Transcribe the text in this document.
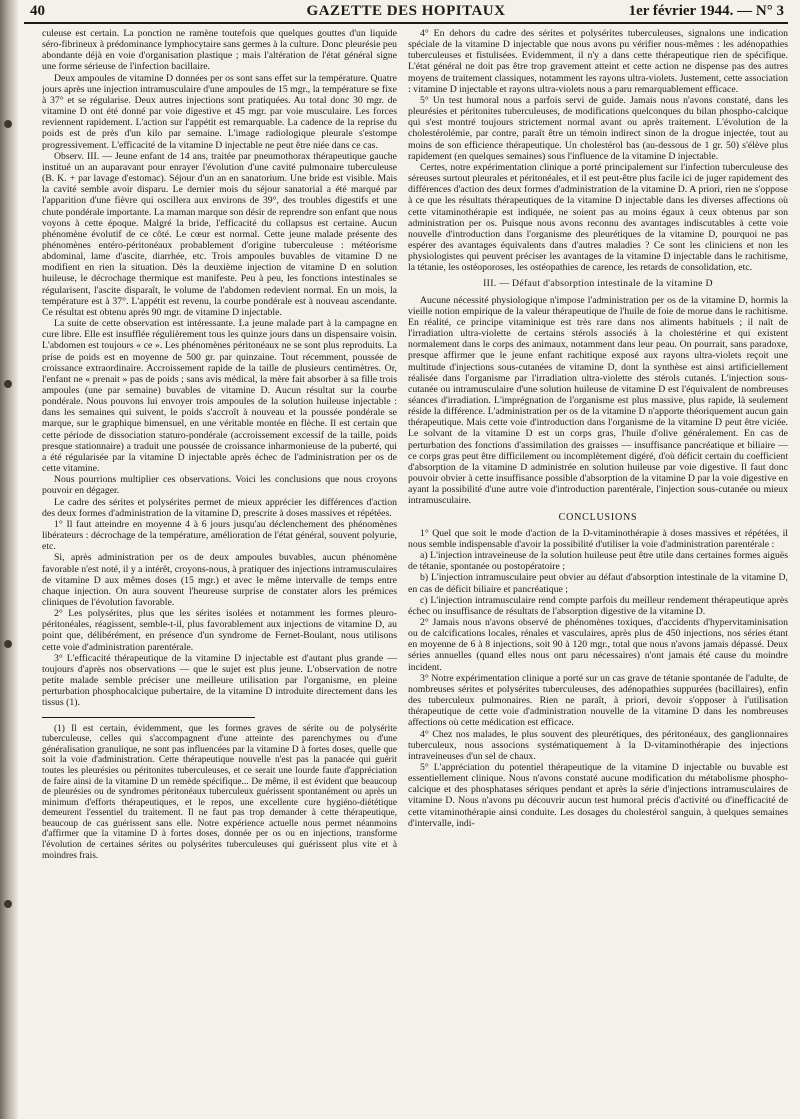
40	GAZETTE DES HOPITAUX	1er février 1944. — N° 3

culeuse est certain. La ponction ne ramène toutefois que quelques gouttes d'un liquide séro-fibrineux à prédominance lymphocytaire sans germes à la culture. Donc pleurésie peu abondante déjà en voie d'organisation plastique ; mais l'altération de l'état général signe une forme sérieuse de l'infection bacillaire.

Deux ampoules de vitamine D données per os sont sans effet sur la température. Quatre jours après une injection intramusculaire d'une ampoules de 15 mgr., la température se fixe à 37° et se régularise. Deux autres injections sont pratiquées. Au total donc 30 mgr. de vitamine D ont été donné par voie digestive et 45 mgr. par voie musculaire. Les forces reviennent rapidement. L'action sur l'appétit est remarquable. La cadence de la reprise du poids est de près d'un kilo par semaine. L'image radiologique pleurale s'estompe progressivement. L'efficacité de la vitamine D injectable ne peut être niée dans ce cas.

Observ. III. — Jeune enfant de 14 ans, traitée par pneumothorax thérapeutique gauche institué un an auparavant pour enrayer l'évolution d'une cavité pulmonaire tuberculeuse (B. K. + par lavage d'estomac). Séjour d'un an en sanatorium. Une bride est visible. Mais la cavité semble avoir disparu. Le dernier mois du séjour sanatorial a été marqué par l'apparition d'une fièvre qui oscillera aux environs de 39°, des troubles digestifs et une chute pondérale importante. La maman marque son désir de reprendre son enfant que nous voyons à cette époque. Malgré la bride, l'efficacité du collapsus est certaine. Aucun phénomène évolutif de ce côté. Le cœur est normal. Cette jeune malade présente des phénomènes entéro-péritonéaux probablement d'origine tuberculeuse : météorisme abdominal, lame d'ascite, diarrhée, etc. Trois ampoules buvables de vitamine D ne modifient en rien la situation. Dès la deuxième injection de vitamine D en solution huileuse, le décrochage thermique est manifeste. Peu à peu, les fonctions intestinales se régularisent, l'ascite disparaît, le volume de l'abdomen redevient normal. En un mois, la température est à 37°. L'appétit est revenu, la courbe pondérale est à nouveau ascendante. Ce résultat est obtenu après 90 mgr. de vitamine D injectable.

La suite de cette observation est intéressante. La jeune malade part à la campagne en cure libre. Elle est insufflée régulièrement tous les quinze jours dans un dispensaire voisin. L'abdomen est toujours « ce ». Les phénomènes péritonéaux ne se sont plus reproduits. La prise de poids est en moyenne de 500 gr. par quinzaine. Tout récemment, poussée de croissance extraordinaire. Accroissement rapide de la taille de plusieurs centimètres. Or, l'enfant ne « prenait » pas de poids ; sans avis médical, la mère fait absorber à sa fille trois ampoules (une par semaine) buvables de vitamine D. Aucun résultat sur la courbe pondérale. Nous pouvons lui envoyer trois ampoules de la solution huileuse injectable : dans les semaines qui suivent, le poids s'accroît à nouveau et la poussée pondérale se marque, sur le graphique bimensuel, en une véritable montée en flèche. Il est certain que cette période de dissociation staturo-pondérale (accroissement excessif de la taille, poids presque stationnaire) a traduit une poussée de croissance inharmonieuse de la puberté, qui a été régularisée par la vitamine D injectable après échec de l'administration per os de cette vitamine.

Nous pourrions multiplier ces observations. Voici les conclusions que nous croyons pouvoir en dégager.

Le cadre des sérites et polysérites permet de mieux apprécier les différences d'action des deux formes d'administration de la vitamine D, prescrite à doses massives et répétées.

1° Il faut atteindre en moyenne 4 à 6 jours jusqu'au déclenchement des phénomènes libérateurs : décrochage de la température, amélioration de l'état général, souvent polyurie, etc.

Si, après administration per os de deux ampoules buvables, aucun phénomène favorable n'est noté, il y a intérêt, croyons-nous, à pratiquer des injections intramusculaires de vitamine D aux mêmes doses (15 mgr.) et avec le même intervalle de temps entre chaque injection. On aura souvent l'heureuse surprise de constater alors les prémices cliniques de l'évolution favorable.

2° Les polysérites, plus que les sérites isolées et notamment les formes pleuro-péritonéales, réagissent, semble-t-il, plus favorablement aux injections de vitamine D, au point que, délibérément, en présence d'un syndrome de Fernet-Boulant, nous utilisons cette voie d'administration parentérale.

3° L'efficacité thérapeutique de la vitamine D injectable est d'autant plus grande — toujours d'après nos observations — que le sujet est plus jeune. L'observation de notre petite malade semble préciser une meilleure utilisation par l'organisme, en pleine perturbation phosphocalcique pubertaire, de la vitamine D introduite directement dans les tissus (1).

(1) Il est certain, évidemment, que les formes graves de sérite ou de polysérite tuberculeuse, celles qui s'accompagnent d'une atteinte des parenchymes ou d'une généralisation granulique, ne sont pas influencées par la vitamine D à fortes doses, quelle que soit la voie d'administration. Cette thérapeutique nouvelle n'est pas la panacée qui guérit toutes les pleurésies ou péritonites tuberculeuses, et ce serait une lourde faute d'appréciation de faire ainsi de la vitamine D un remède spécifique... De même, il est évident que beaucoup de pleurésies ou de syndromes péritonéaux tuberculeux guérissent spontanément ou après un minimum d'efforts thérapeutiques, et le repos, une excellente cure hygiéno-diététique demeurent l'essentiel du traitement. Il ne faut pas trop demander à cette thérapeutique, beaucoup de cas guérissent sans elle. Notre expérience actuelle nous permet néanmoins d'affirmer que la vitamine D à fortes doses, donnée per os ou en injections, transforme l'évolution de certaines sérites ou polysérites tuberculeuses qui guérissent plus vite et à moindres frais.

4° En dehors du cadre des sérites et polysérites tuberculeuses, signalons une indication spéciale de la vitamine D injectable que nous avons pu vérifier nous-mêmes : les adénopathies tuberculeuses et fistulisées. Evidemment, il n'y a dans cette thérapeutique rien de spécifique. L'état général ne doit pas être trop gravement atteint et cette action ne dispense pas des autres moyens de traitement classiques, notamment les rayons ultra-violets. Justement, cette association : vitamine D injectable et rayons ultra-violets nous a paru remarquablement efficace.

5° Un test humoral nous a parfois servi de guide. Jamais nous n'avons constaté, dans les pleurésies et péritonites tuberculeuses, de modifications quelconques du bilan phospho-calcique qui s'est montré toujours strictement normal avant ou après traitement. L'évolution de la cholestérolémie, par contre, paraît être un témoin indirect sinon de la drogue injectée, tout au moins de son efficience thérapeutique. Un cholestérol bas (au-dessous de 1 gr. 50) s'élève plus rapidement (en quelques semaines) sous l'influence de la vitamine D injectable.

Certes, notre expérimentation clinique a porté principalement sur l'infection tuberculeuse des séreuses surtout pleurales et péritonéales, et il est peut-être plus facile ici de juger rapidement des différences d'action des deux formes d'administration de la vitamine D. A priori, rien ne s'oppose à ce que les résultats thérapeutiques de la vitamine D injectable dans les diverses affections où cette vitaminothérapie est indiquée, ne soient pas au moins égaux à ceux obtenus par son administration per os. Puisque nous avons reconnu des avantages indiscutables à cette voie nouvelle d'introduction dans l'organisme des pleurétiques de la vitamine D, pourquoi ne pas espérer des avantages équivalents dans d'autres maladies ? Ce sont les cliniciens et non les physiologistes qui peuvent préciser les avantages de la vitamine D injectable dans le rachitisme, la tétanie, les ostéoporoses, les ostéopathies de carence, les retards de consolidation, etc.

III. — Défaut d'absorption intestinale de la vitamine D

Aucune nécessité physiologique n'impose l'administration per os de la vitamine D, hormis la vieille notion empirique de la valeur thérapeutique de l'huile de foie de morue dans le rachitisme. En réalité, ce principe vitaminique est très rare dans nos aliments habituels ; il naît de l'irradiation ultra-violette de certains stérols associés à la cholestérine et qui existent normalement dans le corps des animaux, notamment dans leur peau. On pourrait, sans paradoxe, presque affirmer que le jeune enfant rachitique exposé aux rayons ultra-violets reçoit une multitude d'injections sous-cutanées de vitamine D, dont la synthèse est ainsi artificiellement réalisée dans l'organisme par l'irradiation ultra-violette des stérols cutanés. L'injection sous-cutanée ou intramusculaire d'une solution huileuse de vitamine D est l'équivalent de nombreuses séances d'irradiation. L'imprégnation de l'organisme est plus massive, plus rapide, là seulement réside la différence. L'administration per os de la vitamine D n'apporte théoriquement aucun gain thérapeutique. Mais cette voie d'introduction dans l'organisme de la vitamine D peut être viciée. Le solvant de la vitamine D est un corps gras, l'huile d'olive généralement. En cas de perturbation des fonctions d'assimilation des graisses — insuffisance pancréatique et biliaire — ce corps gras peut être difficilement ou incomplètement digéré, d'où déficit certain du coefficient d'absorption de la vitamine D administrée en solution huileuse par voie digestive. Il faut donc pouvoir obvier à cette insuffisance possible d'absorption de la vitamine D par la voie digestive en ayant la possibilité d'une autre voie d'introduction parentérale, l'injection sous-cutanée ou mieux intramusculaire.

CONCLUSIONS

1° Quel que soit le mode d'action de la D-vitaminothérapie à doses massives et répétées, il nous semble indispensable d'avoir la possibilité d'utiliser la voie d'administration parentérale :

a) L'injection intraveineuse de la solution huileuse peut être utile dans certaines formes aiguës de tétanie, spontanée ou postopératoire ;

b) L'injection intramusculaire peut obvier au défaut d'absorption intestinale de la vitamine D, en cas de déficit biliaire et pancréatique ;

c) L'injection intramusculaire rend compte parfois du meilleur rendement thérapeutique après échec ou insuffisance de résultats de l'absorption digestive de la vitamine D.

2° Jamais nous n'avons observé de phénomènes toxiques, d'accidents d'hypervitaminisation ou de calcifications locales, rénales et vasculaires, après plus de 450 injections, nos séries étant en moyenne de 6 à 8 injections, soit 90 à 120 mgr., total que nous n'avons jamais dépassé. Deux séries annuelles (quand elles nous ont paru nécessaires) n'ont jamais été cause du moindre incident.

3° Notre expérimentation clinique a porté sur un cas grave de tétanie spontanée de l'adulte, de nombreuses sérites et polysérites tuberculeuses, des adénopathies suppurées (bacillaires), enfin des tuberculeux pulmonaires. Rien ne paraît, à priori, devoir s'opposer à l'utilisation thérapeutique de cette voie d'administration nouvelle de la vitamine D dans les nombreuses affections où cette médication est efficace.

4° Chez nos malades, le plus souvent des pleurétiques, des péritonéaux, des ganglionnaires tuberculeux, nous associons systématiquement à la D-vitaminothérapie des injections intraveineuses d'un sel de chaux.

5° L'appréciation du potentiel thérapeutique de la vitamine D injectable ou buvable est essentiellement clinique. Nous n'avons constaté aucune modification du métabolisme phospho-calcique et des phosphatases sériques pendant et après la série d'injections intramusculaires de vitamine D. Nous n'avons pu découvrir aucun test humoral précis d'activité ou d'inefficacité de cette vitaminothérapie ainsi conduite. Les dosages du cholestérol sanguin, à quelques semaines d'intervalle, indi-
